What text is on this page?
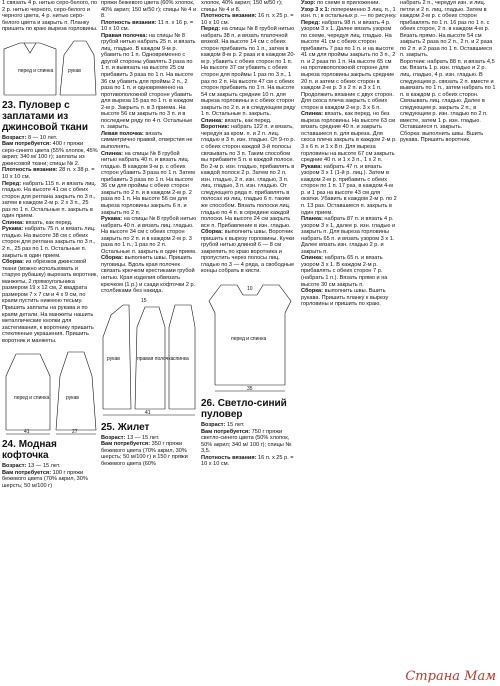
1 связать 4 р. нитью серо-белого, по 2 р. нитью черного, серо-белого и черного цвета, 4 р. нитью серо-белого цвета и закрыть п. Планку пришить по краю выреза горловины.

перед и спинка	рукав
23. Пуловер с заплатами из джинсовой ткани

Возраст: 8 — 10 лет.

Вам потребуется: 400 г пряжи серо-синего цвета (55% хлопок, 45% акрил; 340 м/ 100 г); заплаты из джинсовой ткани; спицы № 2.

Плотность вязания: 28 п. х 38 р. = 10 х 10 см.

Перед: набрать 115 п. и вязать лиц. гладью. На высоте 41 см с обеих сторон для реглана закрыть по 3 п., затем в каждом 2-м р. 2 х 3 п., 25 раз по 1 п. Остальные п. закрыть в один прием.

Спинка: вязать, как перед.

Рукава: набрать 75 п. и вязать лиц. гладью. На высоте 38 см с обеих сторон для реглана закрыть по 3 п., 2 п., 25 раз по 1 п. Остальные п. закрыть в один прием.

Сборка: из обрезков джинсовой ткани (можно использовать и старую рубашку) вырезать воротник, манжеты, 2 прямоугольника размером 19 х 12 см, 2 квадрата размером 7 х 7 см и 4 х 9 см, по краям пустить нижнюю тесьму. Пришить заплаты на рукава и по краям детали. На манжеты нашить металлические кнопки для застегивания, к воротнику пришить стеклянные украшения. Пришить воротник и манжеты.

перед и спинка	рукав
41	27
24. Модная кофточка

Возраст: 13 — 15 лет.

Вам потребуется: 100 г пряжи бежевого цвета (70% акрил, 30% шерсть; 50 м/100 г)

пряжи бежевого цвета (60% хлопок, 40% акрил; 150 м/50 г); спицы № 4 и 8.

Плотность вязания: 11 п. х 16 р. = 10 х 10 см.

Правая полочка: на спицы № 8 грубой нитью набрать 25 п. и вязать лиц. гладью. В каждом 9-м р. убавить по 1 п. Одновременно с другой стороны убавлять 3 раза по 1 п. и вывязать на высоте 25 см прибавить 3 раза по 1 п. На высоте 36 см убавить для проймы 2 п., 2 раза по 1 п. и одновременно на противоположной стороне убавить для выреза 15 раз по 1 п. в каждом 2-м р. Закрыть п. в 3 приема. На высоте 56 см закрыть по 3 п. и в последнем ряду по 4 п. Остальные п. закрыть.

Левая полочка: вязать симметрично правой, отверстия не выполнять.

Спинка: на спицы № 8 грубой нитью набрать 40 п. и вязать лиц. гладью. В каждом 9-м р. с обеих сторон убавить 3 раза по 1 п. Затем прибавить 3 раза по 1 п. На высоте 36 см для проймы с обеих сторон закрыть по 2 п. и в каждом 2-м р. 2 раза по 1 п. На высоте 56 см для выреза горловины закрыть 6 п. и закрыть по 2 п.

Рукава: на спицы № 8 грубой нитью набрать 40 п. и вязать лиц. гладью. На высоте 34 см с обеих сторон закрыть по 2 п. и в каждом 2-м р. 3 раза по 1 п., 1 раз по 2 п. Остальные п. закрыть в один прием.

Сборка: выполнить швы. Пришить пуговицы. Вдоль края полочек связать крючком крестиками грубой нитью. Края изделия обвязать крючком (1 р.) и сзади кофточки 2 р. столбиками без накида.

15
рукав	правая полочка спинка
41
25. Жилет

Возраст: 13 — 15 лет.

Вам потребуется: 350 г пряжи бежевого цвета (70% акрил, 30% шерсть; 50 м/100 г) и 150 г пряжи бежевого цвета (60%

хлопок, 40% акрил; 150 м/50 г); спицы № 4 и 8.

Плотность вязания: 16 п. х 25 р. = 10 х 10 см.

Перед: на спицы № 8 грубой нитью набрать 38 п. и вязать платочной вязкой. На высоте 14 см с обеих сторон прибавить по 1 п., затем в каждом 8-м р. 2 раза и в каждом 20-м р. убавить с обеих сторон по 1 п. На высоте 37 см убавить с обеих сторон для проймы 1 раз по 3 п., 1 раз по 2 п. На высоте 47 см с обеих сторон прибавить по 1 п. На высоте 54 см закрыть средние 10 п. для выреза горловины и с обеих сторон закрыть по 2 п. и в следующем ряду 1 п. Остальные п. закрыть.

Спинка: вязать, как перед.

Воротник: набрать 122 п. и вязать, чередуя за кром. п. и 2 п. лиц. гладью и 3 п. изн. гладью. От 9-го р. с обеих сторон каждой 3-й полосы связывать по 3 п. Таким способом вы прибавите 5 п. в каждой полосе. Во 2-м р. изн. гладью, прибавлять в каждой полосе 2 р. Затем по 2 п. изн. гладью, 2 п. изн. гладью, 3 п. лиц. гладью, 3 п. изн. гладью. От следующего ряда п. прибавлять в полосах из лиц. гладью 6 п. таким же способом. Вязать полоски лиц. гладью по 4 п. в середине каждой полоски. На высоте 24 см закрыть все п. Прибавление в изн. гладью.

Сборка: выполнить швы. Воротник пришить к вырезу горловины. Кучки грубой нитью длиной 6 — 8 см закрепить по краю воротника и пропустить через полосы лиц. гладью по 3 — 4 ряда, а свободные концы собрать в кисти.

10
перед и спинка
35
26. Светло-синий пуловер

Возраст: 15 лет.

Вам потребуется: 750 г пряжи светло-синего цвета (50% хлопок, 50% акрил; 340 м/ 100 г); спицы № 3,5.

Плотность вязания: 16 п. х 25 р. = 10 х 10 см.

Узор: по схеме в приложении.

Узор 3 х 1: попеременно 3 лиц. п., 1 изн. п.; в остальных р. — по рисунку.

Перед: набрать 98 п. и вязать 4 р. узором 3 х 1. Далее вязать узором по схеме, чередуя лиц. гладью. На высоте 41 см с обеих сторон прибавить 7 раз по 1 п. и на высоте 41 см для проймы закрыть по 3 п., 2 п. и 2 раза по 1 п. На высоте 65 см на противоположной стороне для выреза горловины закрыть средние 20 п. и затем с обеих сторон в каждом 2-м р. 3 х 2 п. и 3 х 1 п. Продолжить вязание с двух сторон. Для скоса плеча закрыть с обеих сторон в каждом 2-м р. 3 х 6 п.

Спинка: вязать, как перед, но без выреза горловины. На высоте 63 см вязать средние 40 п. и закрыть оставшиеся п. для выреза. Для скоса плеча закрыть в каждом 2-м р. 3 х 6 п. и 1 х 8 п. Для выреза горловины на высоте 67 см закрыть средние 40 п. и 1 х 3 п., 1 х 2 п.

Рукава: набрать 47 п. и вязать узором 3 х 1 (1-й р. лиц.). Затем в каждом 2-м р. прибавить с обеих сторон по 1 п. 17 раз, в каждом 4-м р. и 1 раз на высоте 43 см для окатки. Убавить в каждом 2-м р. по 2 п. 13 раз. Оставшиеся п. закрыть в один прием.

Планка: набрать 87 п. и вязать 4 р. узором 3 х 1, далее р. изн. гладью и закрыть п. Для выреза горловины набрать 65 п. и вязать узором 3 х 1. Далее вязать изн. гладью 2 р. и закрыть п.

Спинка: набрать 65 п. и вязать узором 3 х 1. В каждом 2-м р. прибавлять с обеих сторон 7 р. (набрать 1 п.). Вязать прямо и на высоте 30 см закрыть п.

Сборка: выполнить швы. Вшить рукава. Пришить планку к вырезу горловины и пришить по краю.

набрать 2 п., чередуя изн. и лиц. петли и 2 п. лиц. гладью. Затем в каждом 2-м р. с обеих сторон прибавлять по 1 п. 16 раз по 1 п. с обеих сторон, 2 п. в каждом 4-м р. Вязать прямо. На высоте 54 см закрыть 2 раза по 2 п., 2 п. и 2 раза по 2 п. и 2 раза по 1 п. Оставшиеся п. закрыть.

Воротник: набрать 88 п. и вязать 4,5 см. Вязать 1 р. изн. гладью и 2 р. лиц. гладью, 4 р. изн. гладью. В следующем р. связать 2 п. вместе и вывязать по 1 п., затем набрать по 1 п. в каждом р. с обеих сторон. Связывать лиц. гладью. Далее в следующем р. закрыть 2 п.; в следующем р. изн. гладью по 2 п. вместе, затем 1 р. изн. гладью. Оставшиеся п. закрыть.

Сборка: выполнить швы. Вшить рукава. Пришить воротник.

Страна Мам
